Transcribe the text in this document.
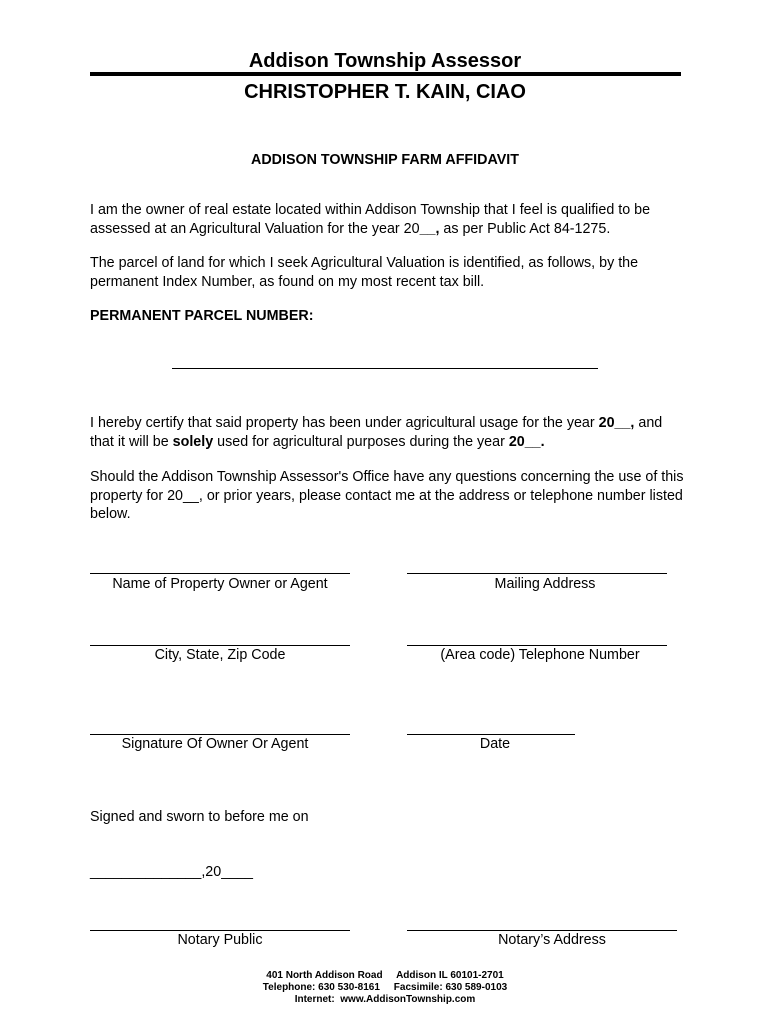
Addison Township Assessor
CHRISTOPHER T. KAIN, CIAO
ADDISON TOWNSHIP FARM AFFIDAVIT
I am the owner of real estate located within Addison Township that I feel is qualified to be assessed at an Agricultural Valuation for the year 20__, as per Public Act 84-1275.
The parcel of land for which I seek Agricultural Valuation is identified, as follows, by the permanent Index Number, as found on my most recent tax bill.
PERMANENT PARCEL NUMBER:
I hereby certify that said property has been under agricultural usage for the year 20__, and that it will be solely used for agricultural purposes during the year 20__.
Should the Addison Township Assessor's Office have any questions concerning the use of this property for 20__, or prior years, please contact me at the address or telephone number listed below.
Name of Property Owner or Agent	Mailing Address
City, State, Zip Code	(Area code) Telephone Number
Signature Of Owner Or Agent	Date
Signed and sworn to before me on
______________,20____
Notary Public	Notary’s Address
401 North Addison Road     Addison IL 60101-2701
Telephone: 630 530-8161     Facsimile: 630 589-0103
Internet:  www.AddisonTownship.com
